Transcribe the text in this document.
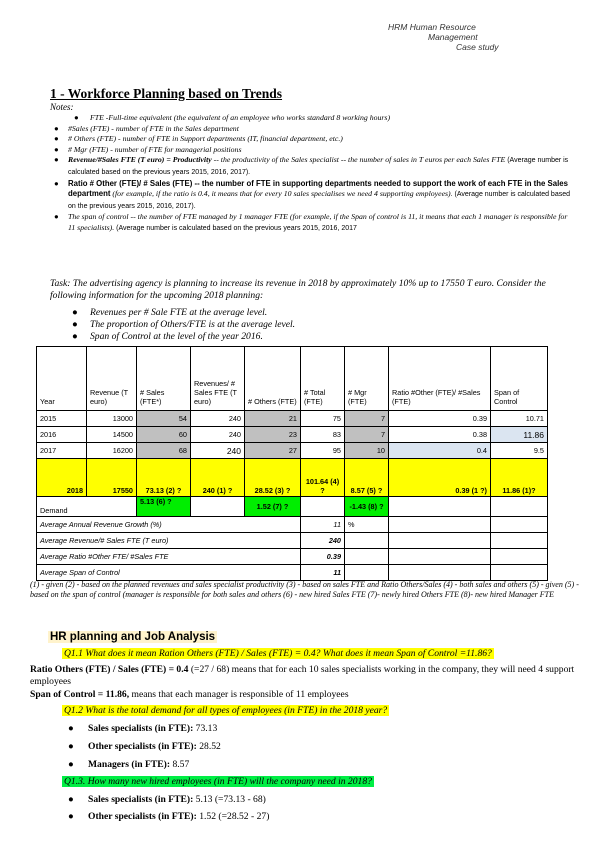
HRM Human Resource
Management
Case study
1 - Workforce Planning based on Trends
Notes:
● FTE -Full-time equivalent (the equivalent of an employee who works standard 8 working hours)
● #Sales (FTE) - number of FTE in the Sales department
● # Others (FTE) - number of FTE in Support departments (IT, financial department, etc.)
● # Mgr (FTE) - number of FTE for managerial positions
● Revenue/#Sales FTE (T euro) = Productivity -- the productivity of the Sales specialist -- the number of sales in T euros per each Sales FTE (Average number is calculated based on the previous years 2015, 2016, 2017).
● Ratio # Other (FTE)/ # Sales (FTE) -- the number of FTE in supporting departments needed to support the work of each FTE in the Sales department (for example, if the ratio is 0.4, it means that for every 10 sales specialises we need 4 supporting employees). (Average number is calculated based on the previous years 2015, 2016, 2017).
● The span of control -- the number of FTE managed by 1 manager FTE (for example, if the Span of control is 11, it means that each 1 manager is responsible for 11 specialists). (Average number is calculated based on the previous years 2015, 2016, 2017
Task: The advertising agency is planning to increase its revenue in 2018 by approximately 10% up to 17550 T euro. Consider the following information for the upcoming 2018 planning:
● Revenues per # Sale FTE at the average level.
● The proportion of Others/FTE is at the average level.
● Span of Control at the level of the year 2016.
Year	Revenue (T euro)	# Sales (FTE*)	Revenues/ # Sales FTE (T euro)	# Others (FTE)	# Total (FTE)	# Mgr (FTE)	Ratio #Other (FTE)/ #Sales (FTE)	Span of Control	
2015	13000	54	240	21	75	7	0.39	10.71	
2016	14500	60	240	23	83	7	0.38	11.86	
2017	16200	68	240	27	95	10	0.4	9.5	
2018	17550	73.13 (2) ?	240 (1) ?	28.52 (3) ?	101.64 (4) ?	8.57 (5) ?	0.39 (1 ?)	11.86 (1)?	
Demand		5.13 (6) ?		1.52 (7) ?		-1.43 (8) ?			
Average Annual Revenue Growth (%)					11	%			
Average Revenue/# Sales FTE (T euro)					240				
Average Ratio #Other FTE/ #Sales FTE					0.39				
Average Span of Control					11				
(1) - given (2) - based on the planned revenues and sales specialist productivity (3) - based on sales FTE and Ratio Others/Sales (4) - both sales and others (5) - given (5) - based on the span of control (manager is responsible for both sales and others (6) - new hired Sales FTE (7)- newly hired Others FTE (8)- new hired Manager FTE
HR planning and Job Analysis
Q1.1 What does it mean Ration Others (FTE) / Sales (FTE) = 0.4? What does it mean Span of Control =11.86?
Ratio Others (FTE) / Sales (FTE) = 0.4 (=27 / 68) means that for each 10 sales specialists working in the company, they will need 4 support employees
Span of Control = 11.86, means that each manager is responsible of 11 employees
Q1.2 What is the total demand for all types of employees (in FTE) in the 2018 year?
● Sales specialists (in FTE): 73.13
● Other specialists (in FTE): 28.52
● Managers (in FTE): 8.57
Q1.3. How many new hired employees (in FTE) will the company need in 2018?
● Sales specialists (in FTE): 5.13 (=73.13 - 68)
● Other specialists (in FTE): 1.52 (=28.52 - 27)
